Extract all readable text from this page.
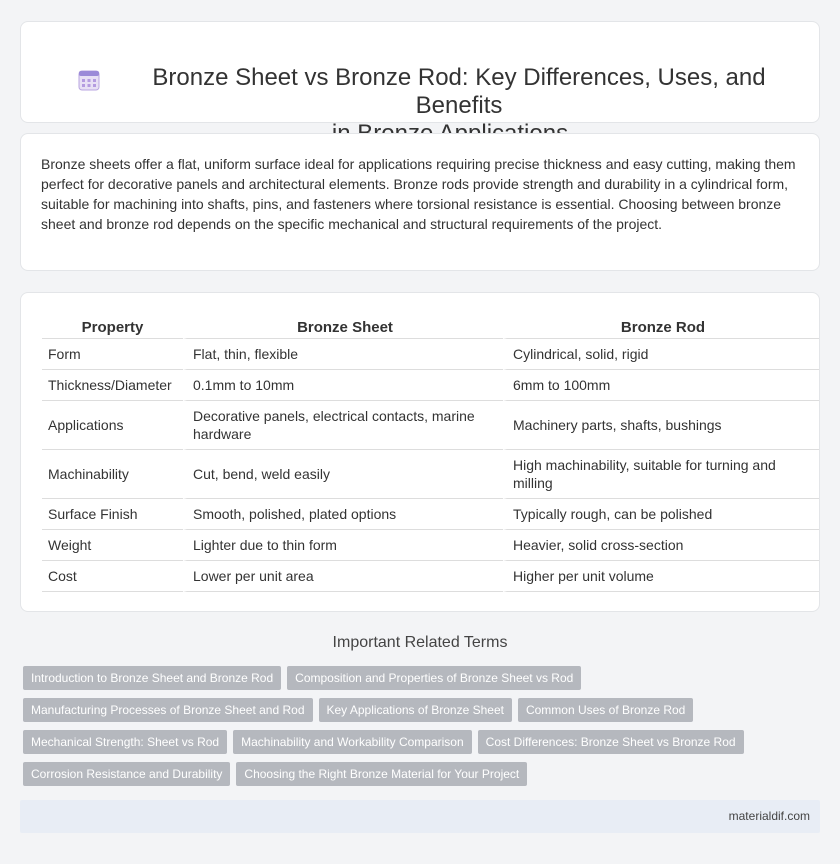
Bronze Sheet vs Bronze Rod: Key Differences, Uses, and Benefits

Bronze sheets offer a flat, uniform surface ideal for applications requiring precise thickness and easy cutting, making them perfect for decorative panels and architectural elements. Bronze rods provide strength and durability in a cylindrical form, suitable for machining into shafts, pins, and fasteners where torsional resistance is essential. Choosing between bronze sheet and bronze rod depends on the specific mechanical and structural requirements of the project.

Property	Bronze Sheet	Bronze Rod
Form	Flat, thin, flexible	Cylindrical, solid, rigid
Thickness/Diameter	0.1mm to 10mm	6mm to 100mm
Applications	Decorative panels, electrical contacts, marine hardware	Machinery parts, shafts, bushings
Machinability	Cut, bend, weld easily	High machinability, suitable for turning and milling
Surface Finish	Smooth, polished, plated options	Typically rough, can be polished
Weight	Lighter due to thin form	Heavier, solid cross-section
Cost	Lower per unit area	Higher per unit volume
Important Related Terms
Introduction to Bronze Sheet and Bronze Rod	Composition and Properties of Bronze Sheet vs Rod
Manufacturing Processes of Bronze Sheet and Rod	Key Applications of Bronze Sheet	Common Uses of Bronze Rod
Mechanical Strength: Sheet vs Rod	Machinability and Workability Comparison	Cost Differences: Bronze Sheet vs Bronze Rod
Corrosion Resistance and Durability	Choosing the Right Bronze Material for Your Project
materialdif.com
